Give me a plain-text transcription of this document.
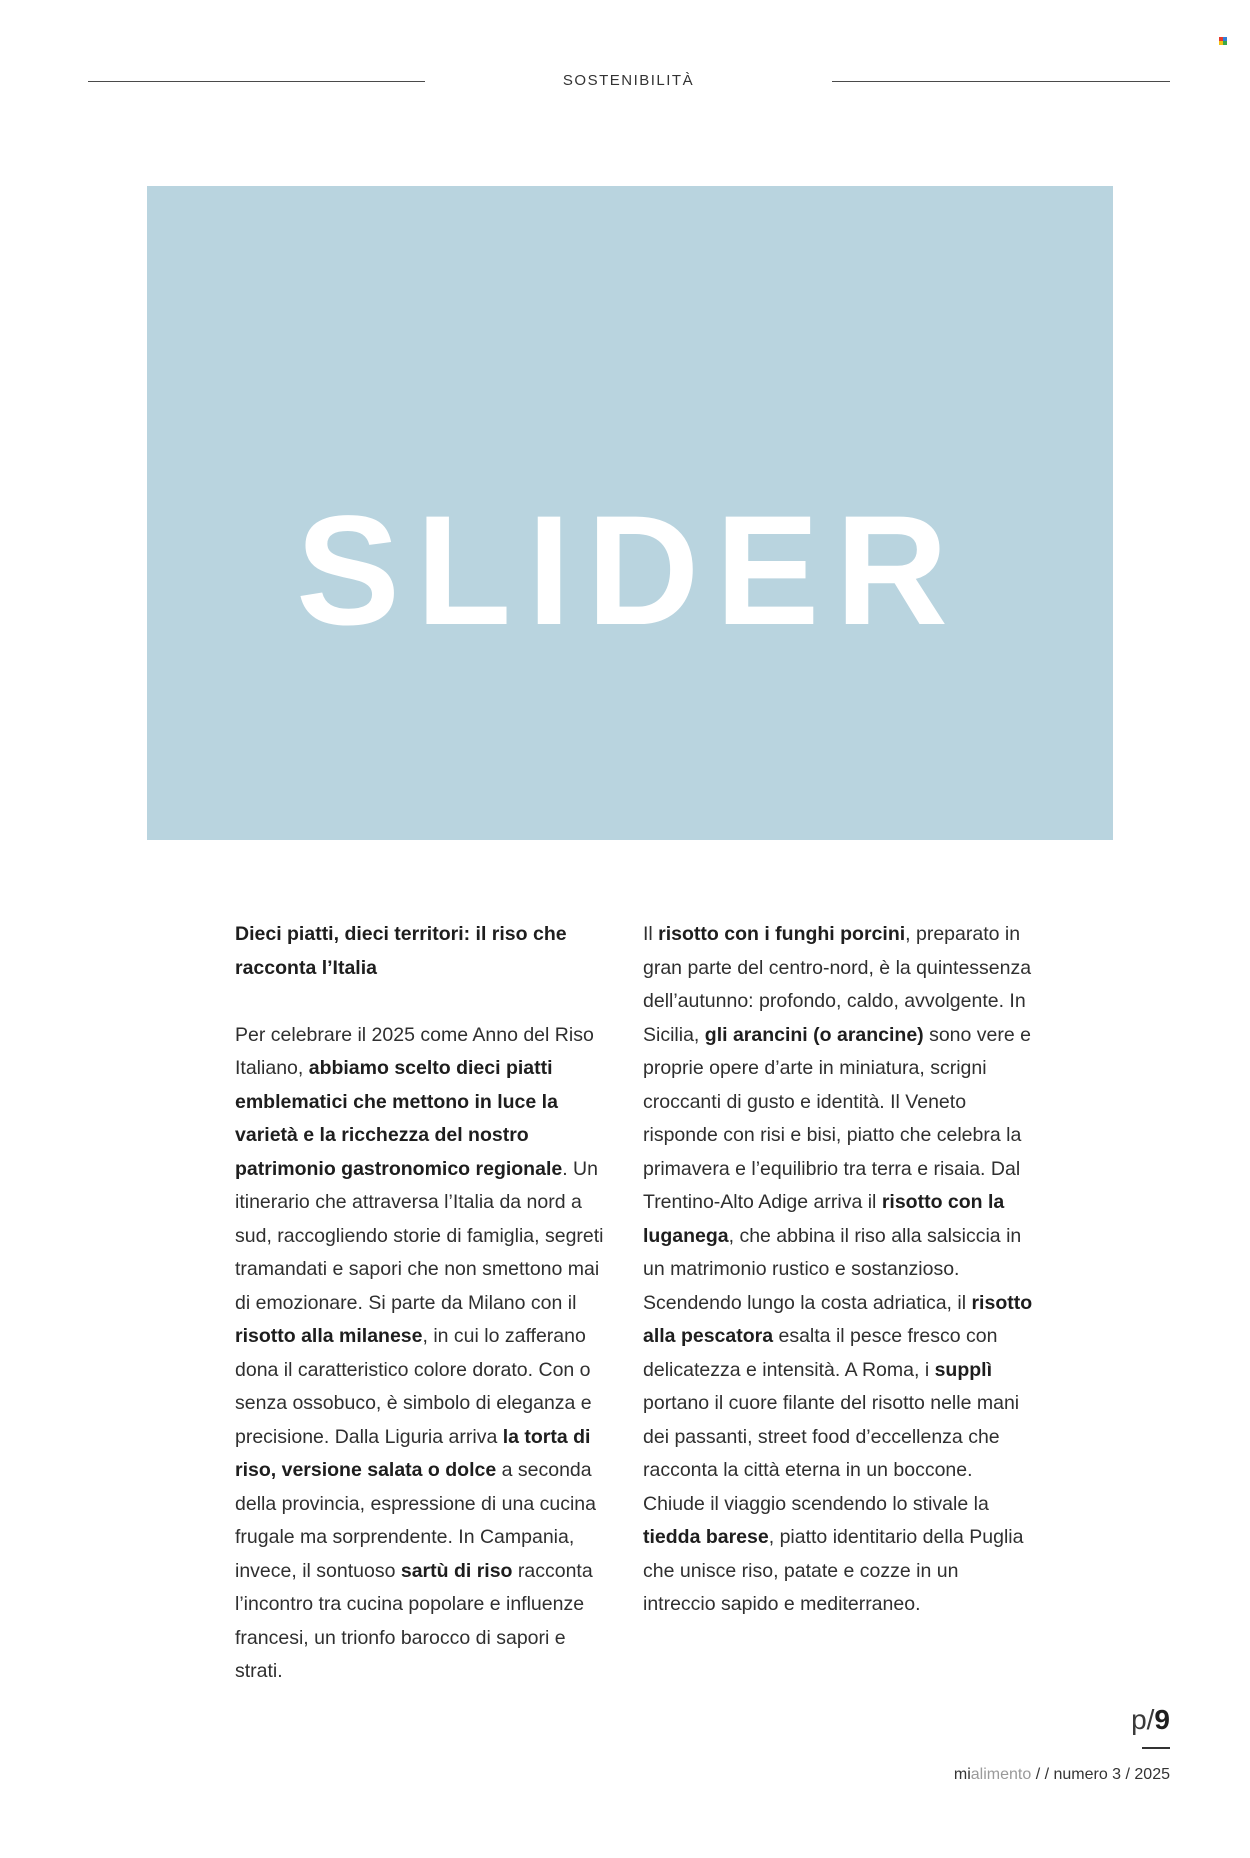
SOSTENIBILITÀ
SLIDER

Dieci piatti, dieci territori: il riso che racconta l’Italia

Per celebrare il 2025 come Anno del Riso Italiano, abbiamo scelto dieci piatti emblematici che mettono in luce la varietà e la ricchezza del nostro patrimonio gastronomico regionale. Un itinerario che attraversa l’Italia da nord a sud, raccogliendo storie di famiglia, segreti tramandati e sapori che non smettono mai di emozionare. Si parte da Milano con il risotto alla milanese, in cui lo zafferano dona il caratteristico colore dorato. Con o senza ossobuco, è simbolo di eleganza e precisione. Dalla Liguria arriva la torta di riso, versione salata o dolce a seconda della provincia, espressione di una cucina frugale ma sorprendente. In Campania, invece, il sontuoso sartù di riso racconta l’incontro tra cucina popolare e influenze francesi, un trionfo barocco di sapori e strati.

Il risotto con i funghi porcini, preparato in gran parte del centro-nord, è la quintessenza dell’autunno: profondo, caldo, avvolgente. In Sicilia, gli arancini (o arancine) sono vere e proprie opere d’arte in miniatura, scrigni croccanti di gusto e identità. Il Veneto risponde con risi e bisi, piatto che celebra la primavera e l’equilibrio tra terra e risaia. Dal Trentino-Alto Adige arriva il risotto con la luganega, che abbina il riso alla salsiccia in un matrimonio rustico e sostanzioso. Scendendo lungo la costa adriatica, il risotto alla pescatora esalta il pesce fresco con delicatezza e intensità. A Roma, i supplì portano il cuore filante del risotto nelle mani dei passanti, street food d’eccellenza che racconta la città eterna in un boccone. Chiude il viaggio scendendo lo stivale la tiedda barese, piatto identitario della Puglia che unisce riso, patate e cozze in un intreccio sapido e mediterraneo.

p/9
mialimento / / numero 3 / 2025
